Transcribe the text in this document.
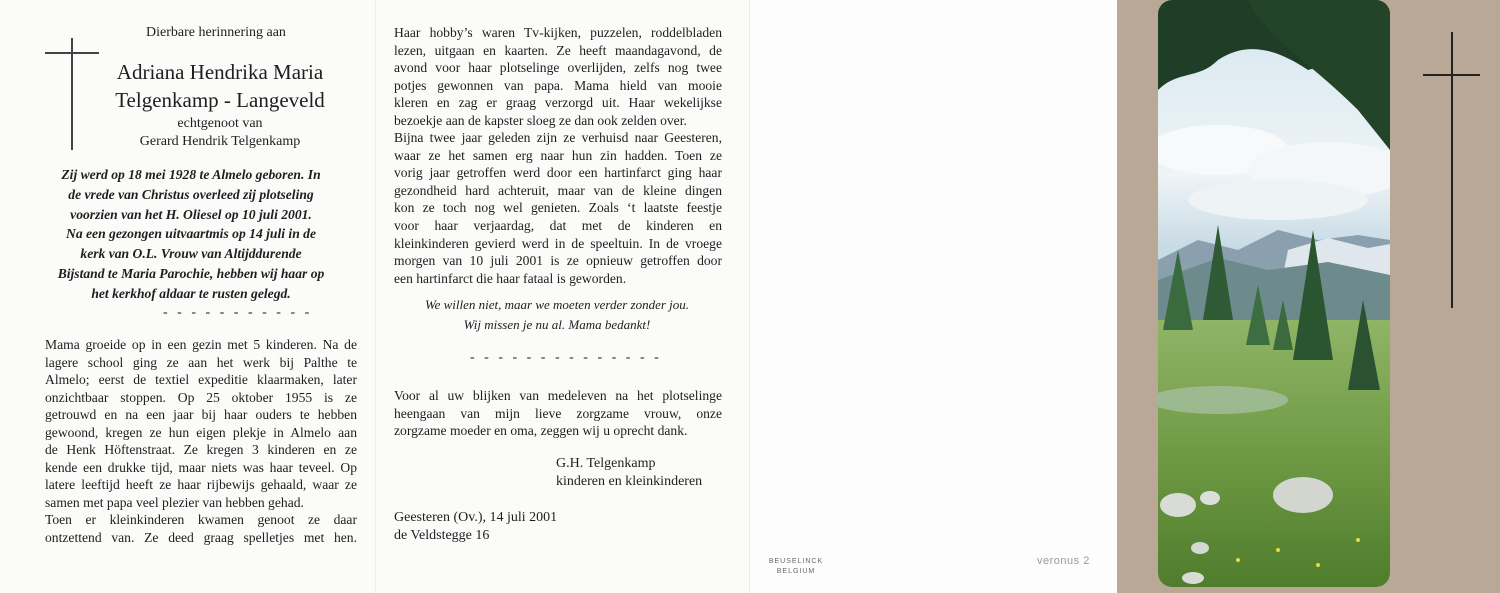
Dierbare herinnering aan

Adriana Hendrika Maria

Telgenkamp - Langeveld

echtgenoot van

Gerard Hendrik Telgenkamp

Zij werd op 18 mei 1928 te Almelo geboren. In

de vrede van Christus overleed zij plotseling

voorzien van het H. Oliesel op 10 juli 2001.

Na een gezongen uitvaartmis op 14 juli in de

kerk van O.L. Vrouw van Altijddurende

Bijstand te Maria Parochie, hebben wij haar op

het kerkhof aldaar te rusten gelegd.

- - - - - - - - - - -

Mama groeide op in een gezin met 5 kinderen. Na de

lagere school ging ze aan het werk bij Palthe te

Almelo; eerst de textiel expeditie klaarmaken, later

onzichtbaar stoppen. Op 25 oktober 1955 is ze

getrouwd en na een jaar bij haar ouders te hebben

gewoond, kregen ze hun eigen plekje in Almelo aan

de Henk Höftenstraat. Ze kregen 3 kinderen en ze

kende een drukke tijd, maar niets was haar teveel. Op

latere leeftijd heeft ze haar rijbewijs gehaald, waar ze

samen met papa veel plezier van hebben gehad.

Toen er kleinkinderen kwamen genoot ze daar

ontzettend van. Ze deed graag spelletjes met hen.

Haar hobby’s waren Tv-kijken, puzzelen, roddelbladen

lezen, uitgaan en kaarten. Ze heeft maandagavond, de

avond voor haar plotselinge overlijden, zelfs nog twee

potjes gewonnen van papa. Mama hield van mooie

kleren en zag er graag verzorgd uit. Haar wekelijkse

bezoekje aan de kapster sloeg ze dan ook zelden over.

Bijna twee jaar geleden zijn ze verhuisd naar Geesteren,

waar ze het samen erg naar hun zin hadden. Toen ze

vorig jaar getroffen werd door een hartinfarct ging haar

gezondheid hard achteruit, maar van de kleine dingen

kon ze toch nog wel genieten. Zoals ‘t laatste feestje

voor haar verjaardag, dat met de kinderen en

kleinkinderen gevierd werd in de speeltuin. In de vroege

morgen van 10 juli 2001 is ze opnieuw getroffen door

een hartinfarct die haar fataal is geworden.

We willen niet, maar we moeten verder zonder jou.

Wij missen je nu al. Mama bedankt!

- - - - - - - - - - - - - -

Voor al uw blijken van medeleven na het plotselinge

heengaan van mijn lieve zorgzame vrouw, onze

zorgzame moeder en oma, zeggen wij u oprecht dank.

G.H. Telgenkamp

kinderen en kleinkinderen

Geesteren (Ov.), 14 juli 2001

de Veldstegge 16

BEUSELINCK
BELGIUM
veronus 2
